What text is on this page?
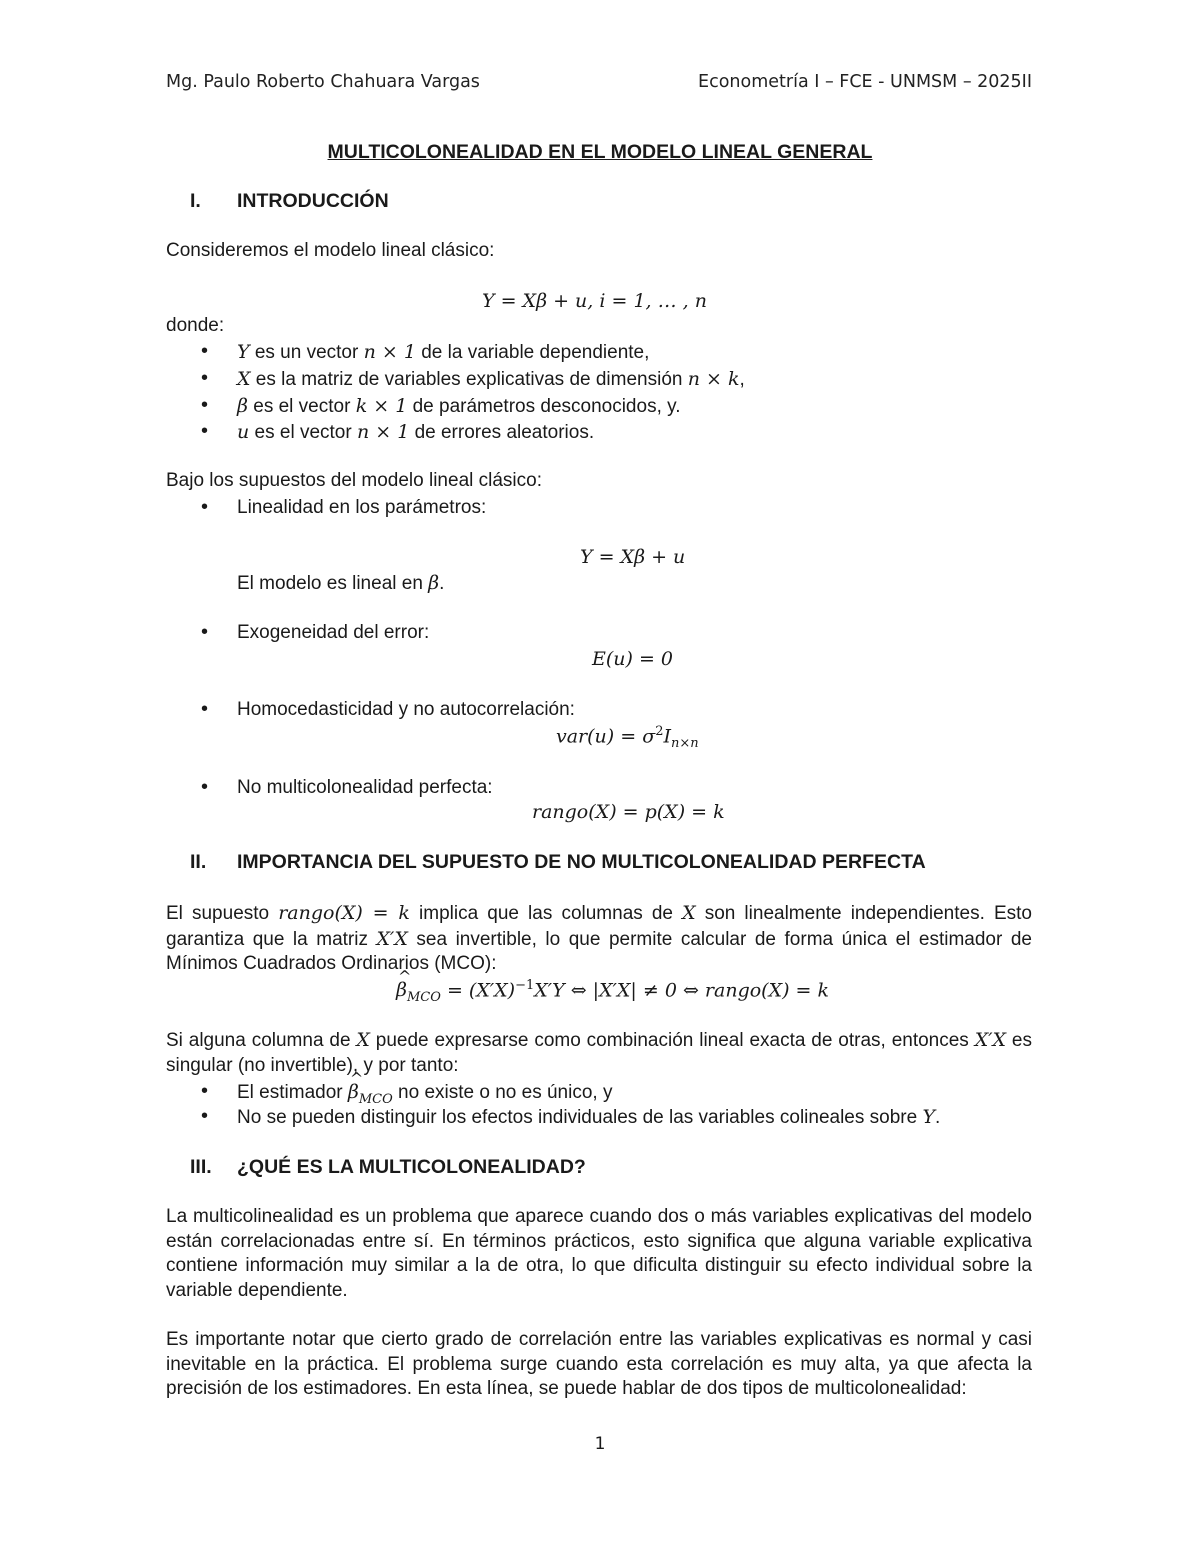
Mg. Paulo Roberto Chahuara Vargas	Econometría I – FCE - UNMSM – 2025II
MULTICOLONEALIDAD EN EL MODELO LINEAL GENERAL
I. INTRODUCCIÓN
Consideremos el modelo lineal clásico:
Y = Xβ + u, i = 1, … , n
donde:
• Y es un vector n × 1 de la variable dependiente,
• X es la matriz de variables explicativas de dimensión n × k,
• β es el vector k × 1 de parámetros desconocidos, y.
• u es el vector n × 1 de errores aleatorios.
Bajo los supuestos del modelo lineal clásico:
• Linealidad en los parámetros:
Y = Xβ + u
El modelo es lineal en β.
• Exogeneidad del error:
E(u) = 0
• Homocedasticidad y no autocorrelación:
$var(u) = \sigma^2I_{n\times n}$
• No multicolonealidad perfecta:
rango(X) = p(X) = k
II. IMPORTANCIA DEL SUPUESTO DE NO MULTICOLONEALIDAD PERFECTA
El supuesto rango(X) = k implica que las columnas de X son linealmente independientes. Esto garantiza que la matriz X′X sea invertible, lo que permite calcular de forma única el estimador de Mínimos Cuadrados Ordinarios (MCO):
^ $\beta_{MCO} = (X'X)^{-1}X'Y$ ⇔ |X′X| ≠ 0 ⇔ rango(X) = k
Si alguna columna de X puede expresarse como combinación lineal exacta de otras, entonces X′X es singular (no invertible), y por tanto:
• El estimador ^ $\beta_{MCO}$ no existe o no es único, y
• No se pueden distinguir los efectos individuales de las variables colineales sobre Y.
III. ¿QUÉ ES LA MULTICOLONEALIDAD?
La multicolinealidad es un problema que aparece cuando dos o más variables explicativas del modelo están correlacionadas entre sí. En términos prácticos, esto significa que alguna variable explicativa contiene información muy similar a la de otra, lo que dificulta distinguir su efecto individual sobre la variable dependiente.
Es importante notar que cierto grado de correlación entre las variables explicativas es normal y casi inevitable en la práctica. El problema surge cuando esta correlación es muy alta, ya que afecta la precisión de los estimadores. En esta línea, se puede hablar de dos tipos de multicolonealidad:
1
